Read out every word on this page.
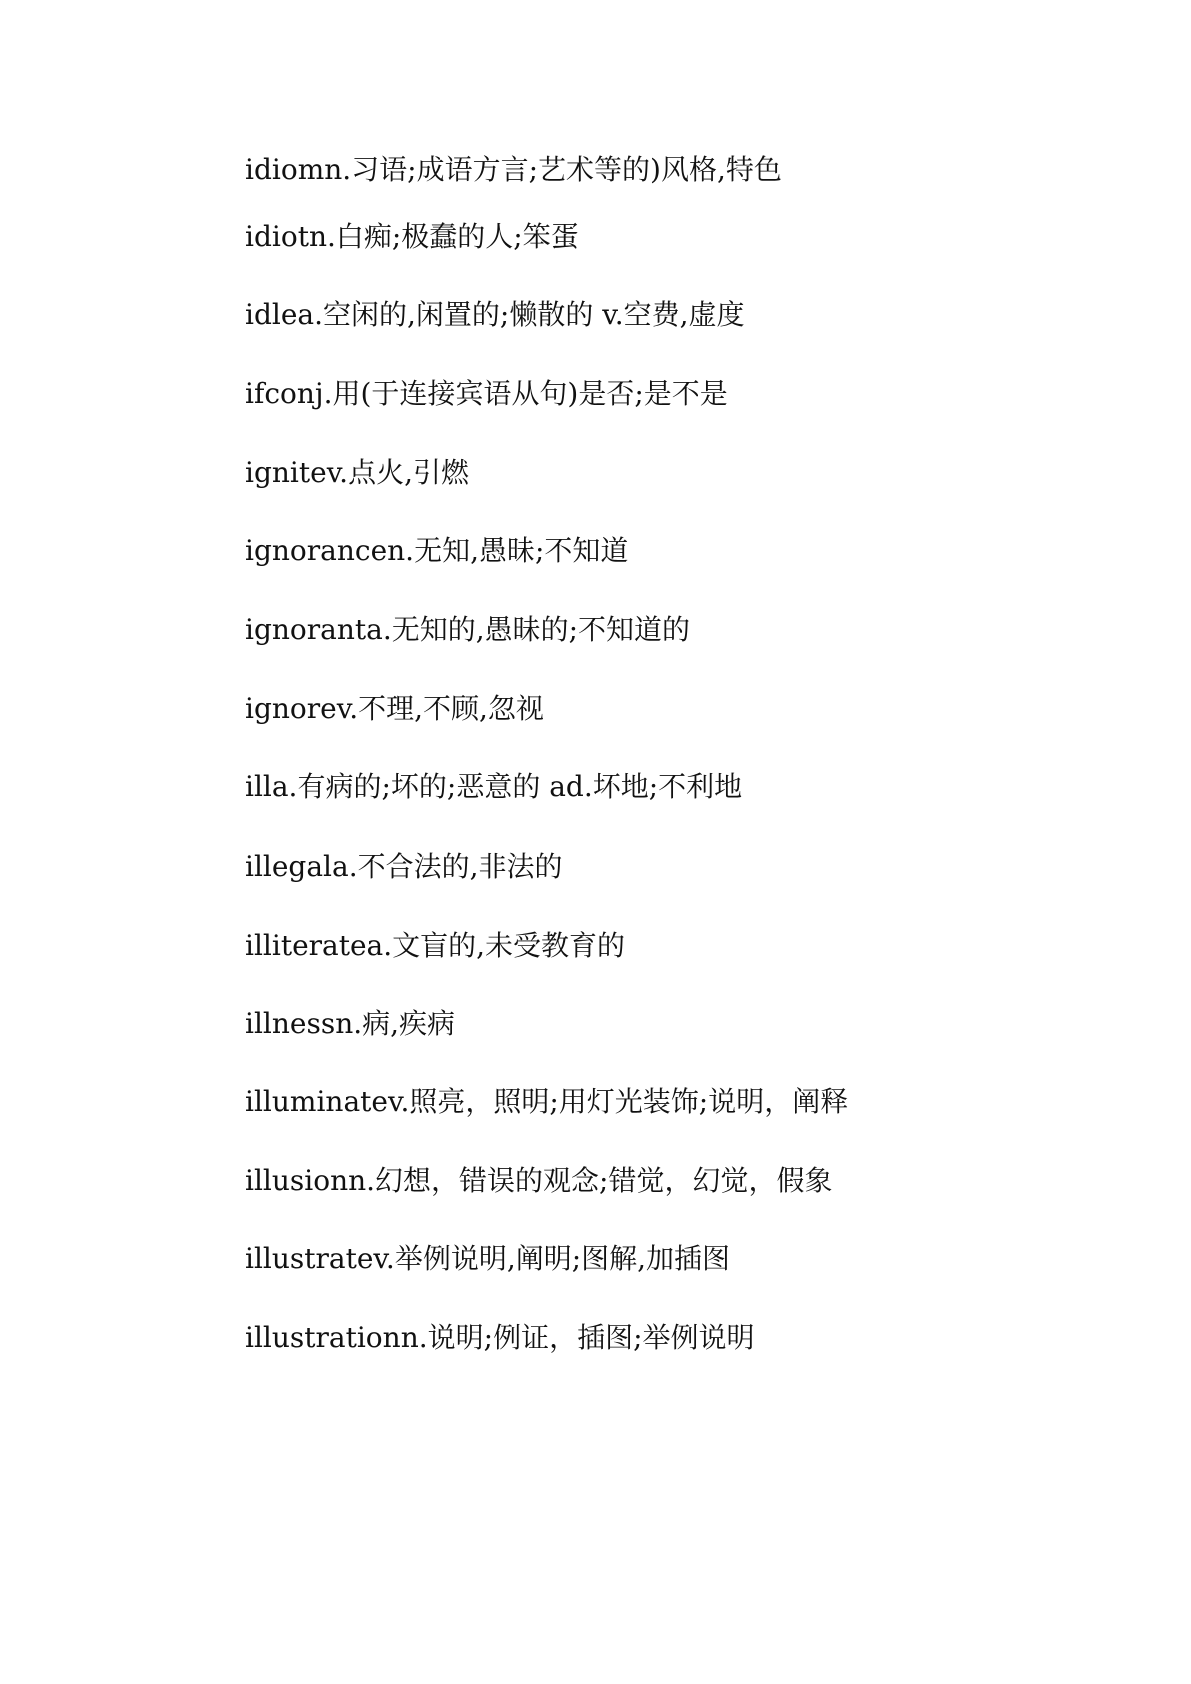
idiomn.习语;成语方言;艺术等的)风格,特色
idiotn.白痴;极蠢的人;笨蛋
idlea.空闲的,闲置的;懒散的 v.空费,虚度
ifconj.用(于连接宾语从句)是否;是不是
ignitev.点火,引燃
ignorancen.无知,愚昧;不知道
ignoranta.无知的,愚昧的;不知道的
ignorev.不理,不顾,忽视
illa.有病的;坏的;恶意的 ad.坏地;不利地
illegala.不合法的,非法的
illiteratea.文盲的,未受教育的
illnessn.病,疾病
illuminatev.照亮，照明;用灯光装饰;说明，阐释
illusionn.幻想，错误的观念;错觉，幻觉，假象
illustratev.举例说明,阐明;图解,加插图
illustrationn.说明;例证，插图;举例说明
